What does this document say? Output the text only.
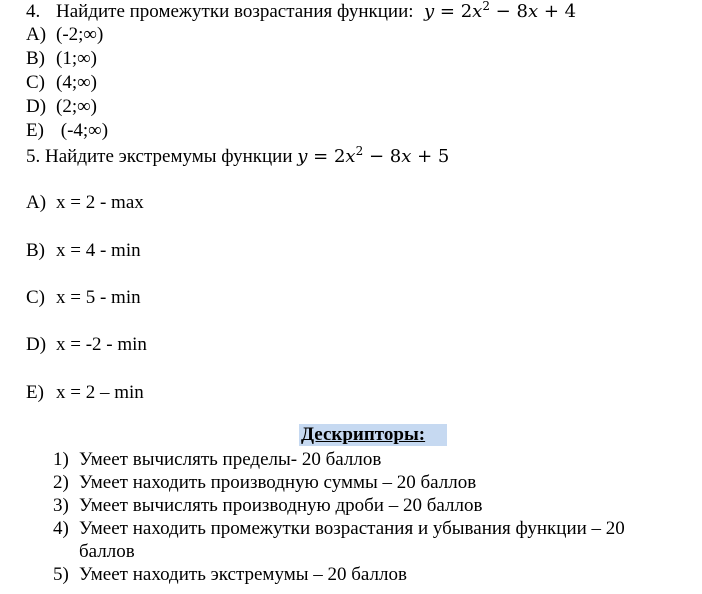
4. Найдите промежутки возрастания функции: $y = 2x^2 - 8x + 4$
A) (-2;∞)
B) (1;∞)
C) (4;∞)
D) (2;∞)
E) (-4;∞)
5. Найдите экстремумы функции $y = 2x^2 - 8x + 5$
A) x = 2 - max
B) x = 4 - min
C) x = 5 - min
D) x = -2 - min
E) x = 2 – min
Дескрипторы:
1) Умеет вычислять пределы- 20 баллов
2) Умеет находить производную суммы – 20 баллов
3) Умеет вычислять производную дроби – 20 баллов
4) Умеет находить промежутки возрастания и убывания функции – 20 баллов
5) Умеет находить экстремумы – 20 баллов
